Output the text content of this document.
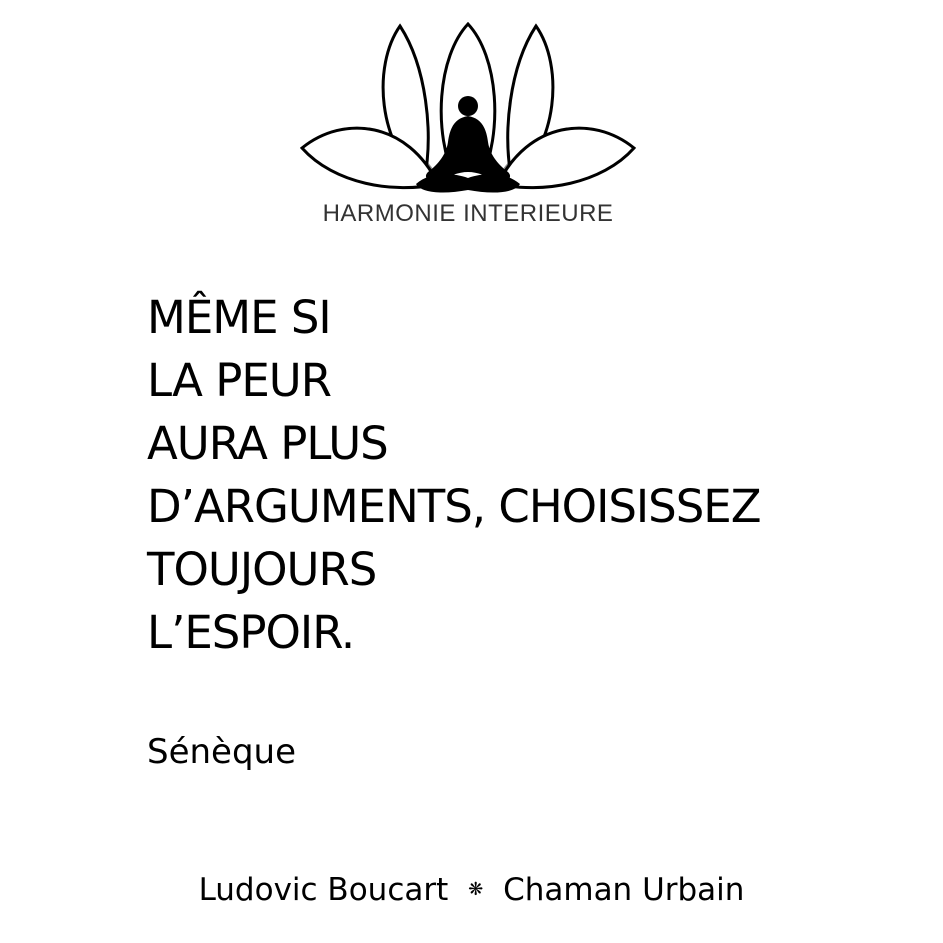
HARMONIE INTERIEURE
MÊME SI
LA PEUR
AURA PLUS
D’ARGUMENTS, CHOISISSEZ
TOUJOURS
L’ESPOIR.
Sénèque
Ludovic Boucart ❋ Chaman Urbain
